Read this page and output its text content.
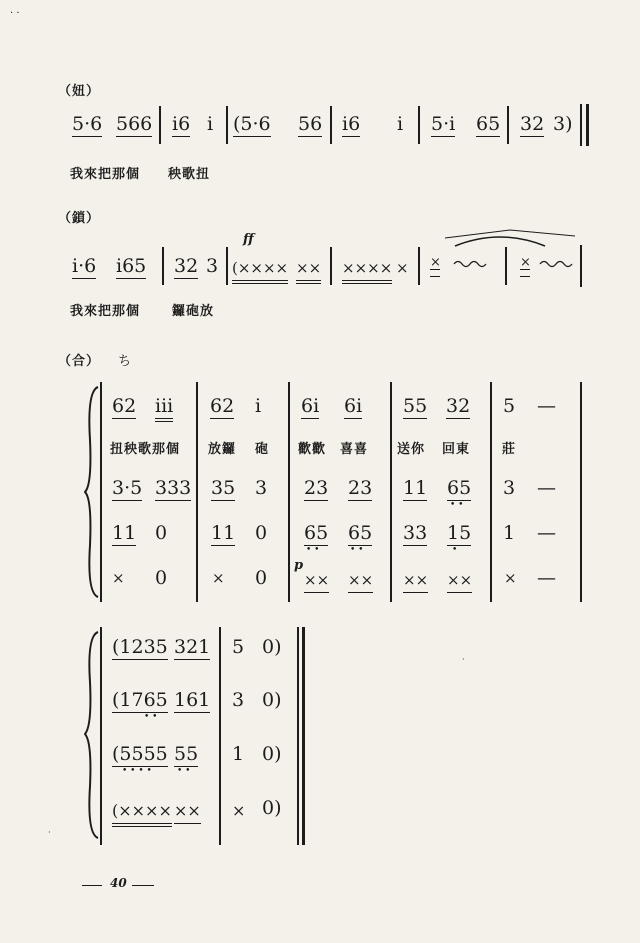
· ·
（妞）
5·6 566 i6 i (5·6 56 i6 i 5·i 65 32 3)
我來把那個 秧歌扭
（鎖）
ff
i·6 i65 32 3 (×××× ×× ×××× × ×	×
我來把那個 鑼砲放
（合） ち
62 iii 62 i 6i 6i 55 32 5 —
扭秧歌那個 放鑼 砲 歡歡 喜喜 送你 回東 莊
3·5 333 35 3 23 23 11 65 3 —
• •
11 0 11 0 65 65 33 15 1 —
• •	• •	•
p
× 0	× 0 ×× ×× ×× ×× × —
(1235 321 5 0)
(1765 161 3 0)
• •
(5555 55 1 0)
• • • •	• •
(×××× ×× × 0)
·
·
40
